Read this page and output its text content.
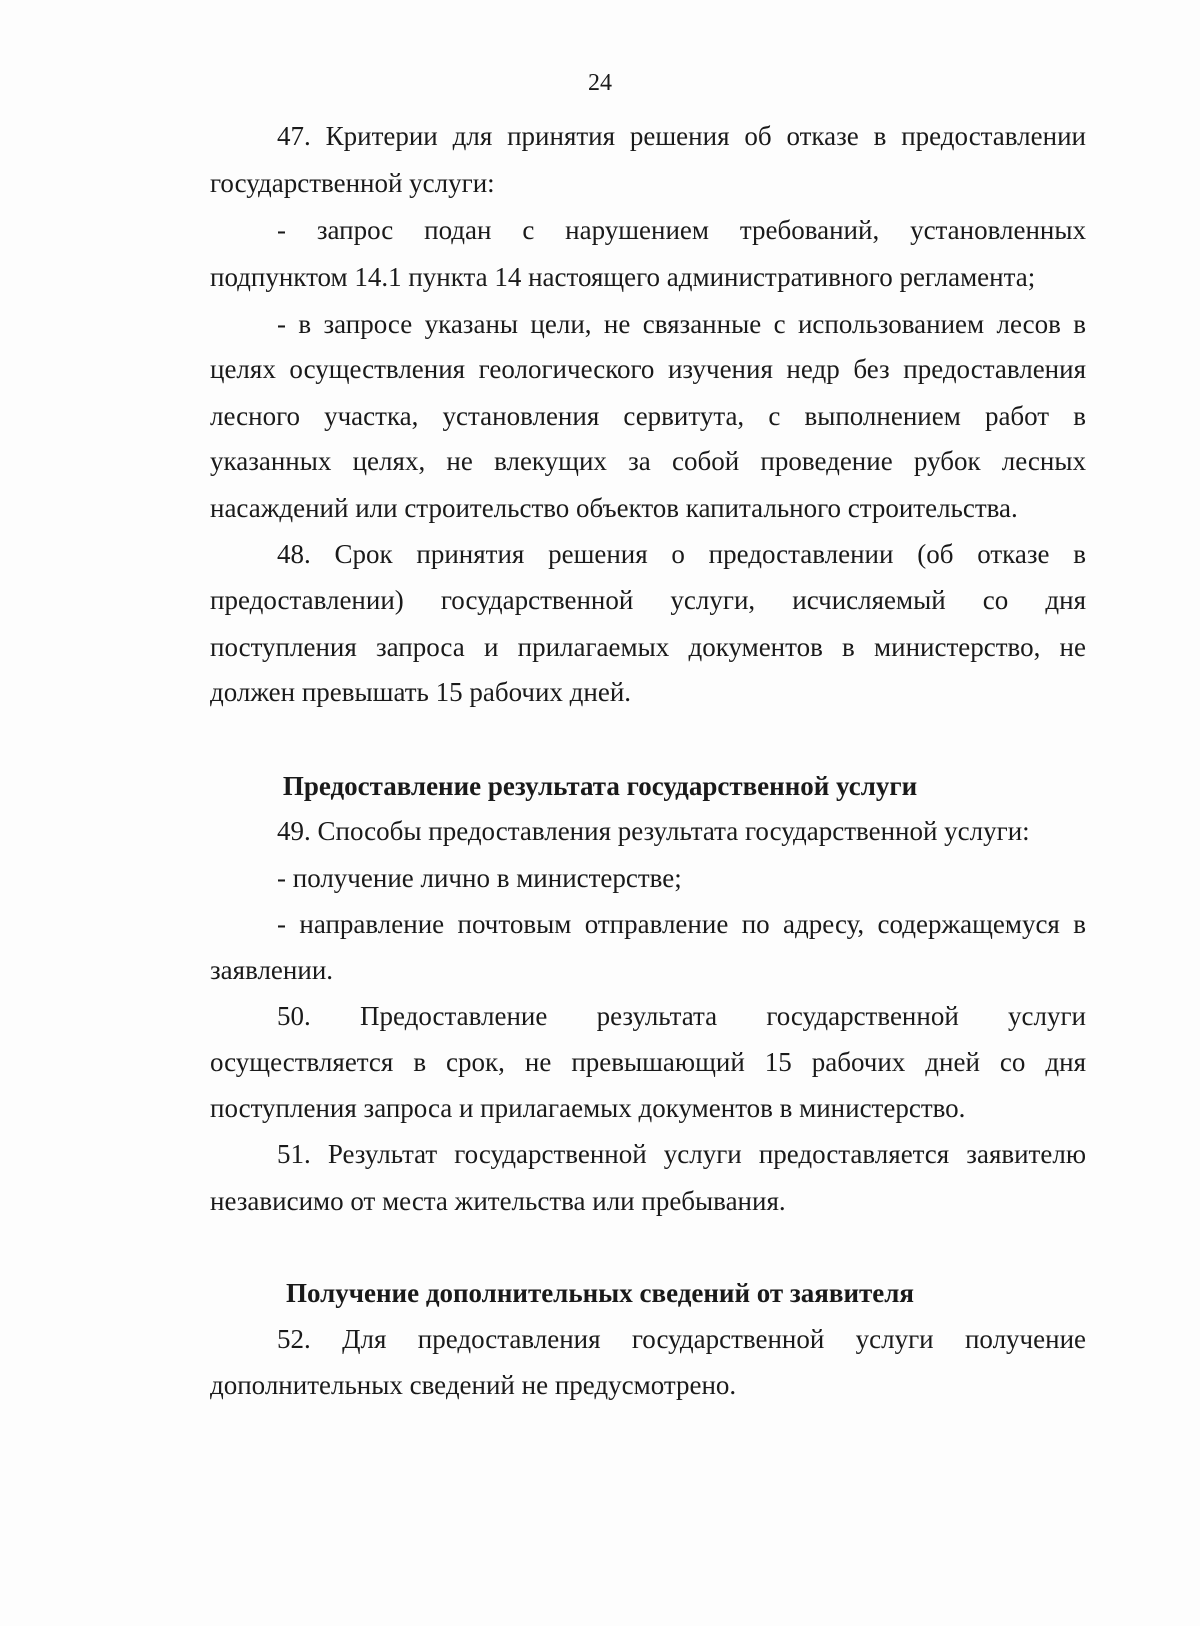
24
47. Критерии для принятия решения об отказе в предоставлении
государственной услуги:
- запрос подан с нарушением требований, установленных
подпунктом 14.1 пункта 14 настоящего административного регламента;
- в запросе указаны цели, не связанные с использованием лесов в
целях осуществления геологического изучения недр без предоставления
лесного участка, установления сервитута, с выполнением работ в
указанных целях, не влекущих за собой проведение рубок лесных
насаждений или строительство объектов капитального строительства.
48. Срок принятия решения о предоставлении (об отказе в
предоставлении) государственной услуги, исчисляемый со дня
поступления запроса и прилагаемых документов в министерство, не
должен превышать 15 рабочих дней.
Предоставление результата государственной услуги
49. Способы предоставления результата государственной услуги:
- получение лично в министерстве;
- направление почтовым отправление по адресу, содержащемуся в
заявлении.
50. Предоставление результата государственной услуги
осуществляется в срок, не превышающий 15 рабочих дней со дня
поступления запроса и прилагаемых документов в министерство.
51. Результат государственной услуги предоставляется заявителю
независимо от места жительства или пребывания.
Получение дополнительных сведений от заявителя
52. Для предоставления государственной услуги получение
дополнительных сведений не предусмотрено.
